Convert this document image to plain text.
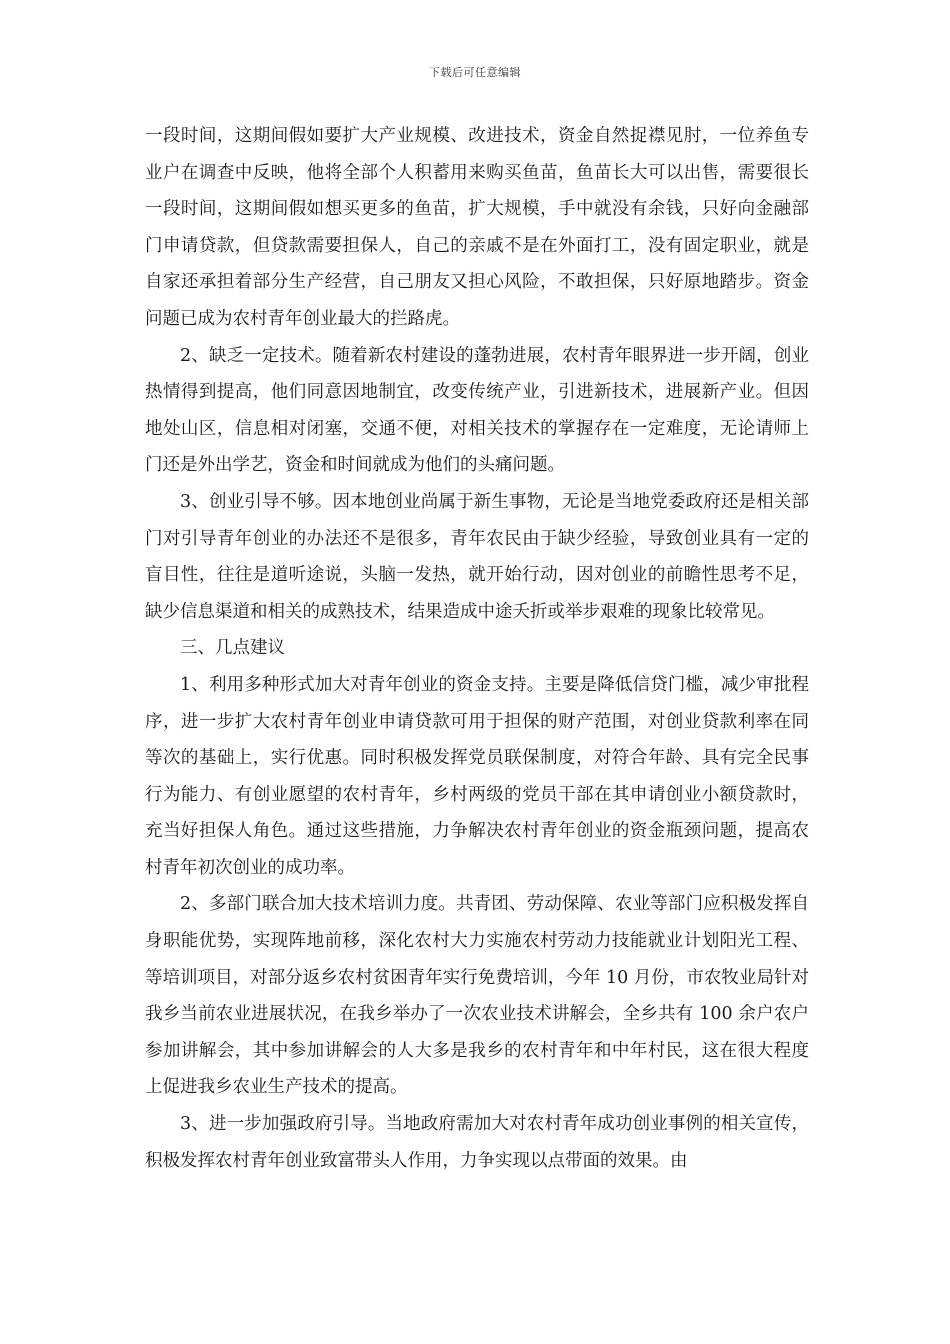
下载后可任意编辑

一段时间，这期间假如要扩大产业规模、改进技术，资金自然捉襟见肘，一位养鱼专业户在调查中反映，他将全部个人积蓄用来购买鱼苗，鱼苗长大可以出售，需要很长一段时间，这期间假如想买更多的鱼苗，扩大规模，手中就没有余钱，只好向金融部门申请贷款，但贷款需要担保人，自己的亲戚不是在外面打工，没有固定职业，就是自家还承担着部分生产经营，自己朋友又担心风险，不敢担保，只好原地踏步。资金问题已成为农村青年创业最大的拦路虎。

2、缺乏一定技术。随着新农村建设的蓬勃进展，农村青年眼界进一步开阔，创业热情得到提高，他们同意因地制宜，改变传统产业，引进新技术，进展新产业。但因地处山区，信息相对闭塞，交通不便，对相关技术的掌握存在一定难度，无论请师上门还是外出学艺，资金和时间就成为他们的头痛问题。

3、创业引导不够。因本地创业尚属于新生事物，无论是当地党委政府还是相关部门对引导青年创业的办法还不是很多，青年农民由于缺少经验，导致创业具有一定的盲目性，往往是道听途说，头脑一发热，就开始行动，因对创业的前瞻性思考不足，缺少信息渠道和相关的成熟技术，结果造成中途夭折或举步艰难的现象比较常见。

三、几点建议

1、利用多种形式加大对青年创业的资金支持。主要是降低信贷门槛，减少审批程序，进一步扩大农村青年创业申请贷款可用于担保的财产范围，对创业贷款利率在同等次的基础上，实行优惠。同时积极发挥党员联保制度，对符合年龄、具有完全民事行为能力、有创业愿望的农村青年，乡村两级的党员干部在其申请创业小额贷款时，充当好担保人角色。通过这些措施，力争解决农村青年创业的资金瓶颈问题，提高农村青年初次创业的成功率。

2、多部门联合加大技术培训力度。共青团、劳动保障、农业等部门应积极发挥自身职能优势，实现阵地前移，深化农村大力实施农村劳动力技能就业计划阳光工程、等培训项目，对部分返乡农村贫困青年实行免费培训，今年 10 月份，市农牧业局针对我乡当前农业进展状况，在我乡举办了一次农业技术讲解会，全乡共有 100 余户农户参加讲解会，其中参加讲解会的人大多是我乡的农村青年和中年村民，这在很大程度上促进我乡农业生产技术的提高。

3、进一步加强政府引导。当地政府需加大对农村青年成功创业事例的相关宣传，积极发挥农村青年创业致富带头人作用，力争实现以点带面的效果。由
